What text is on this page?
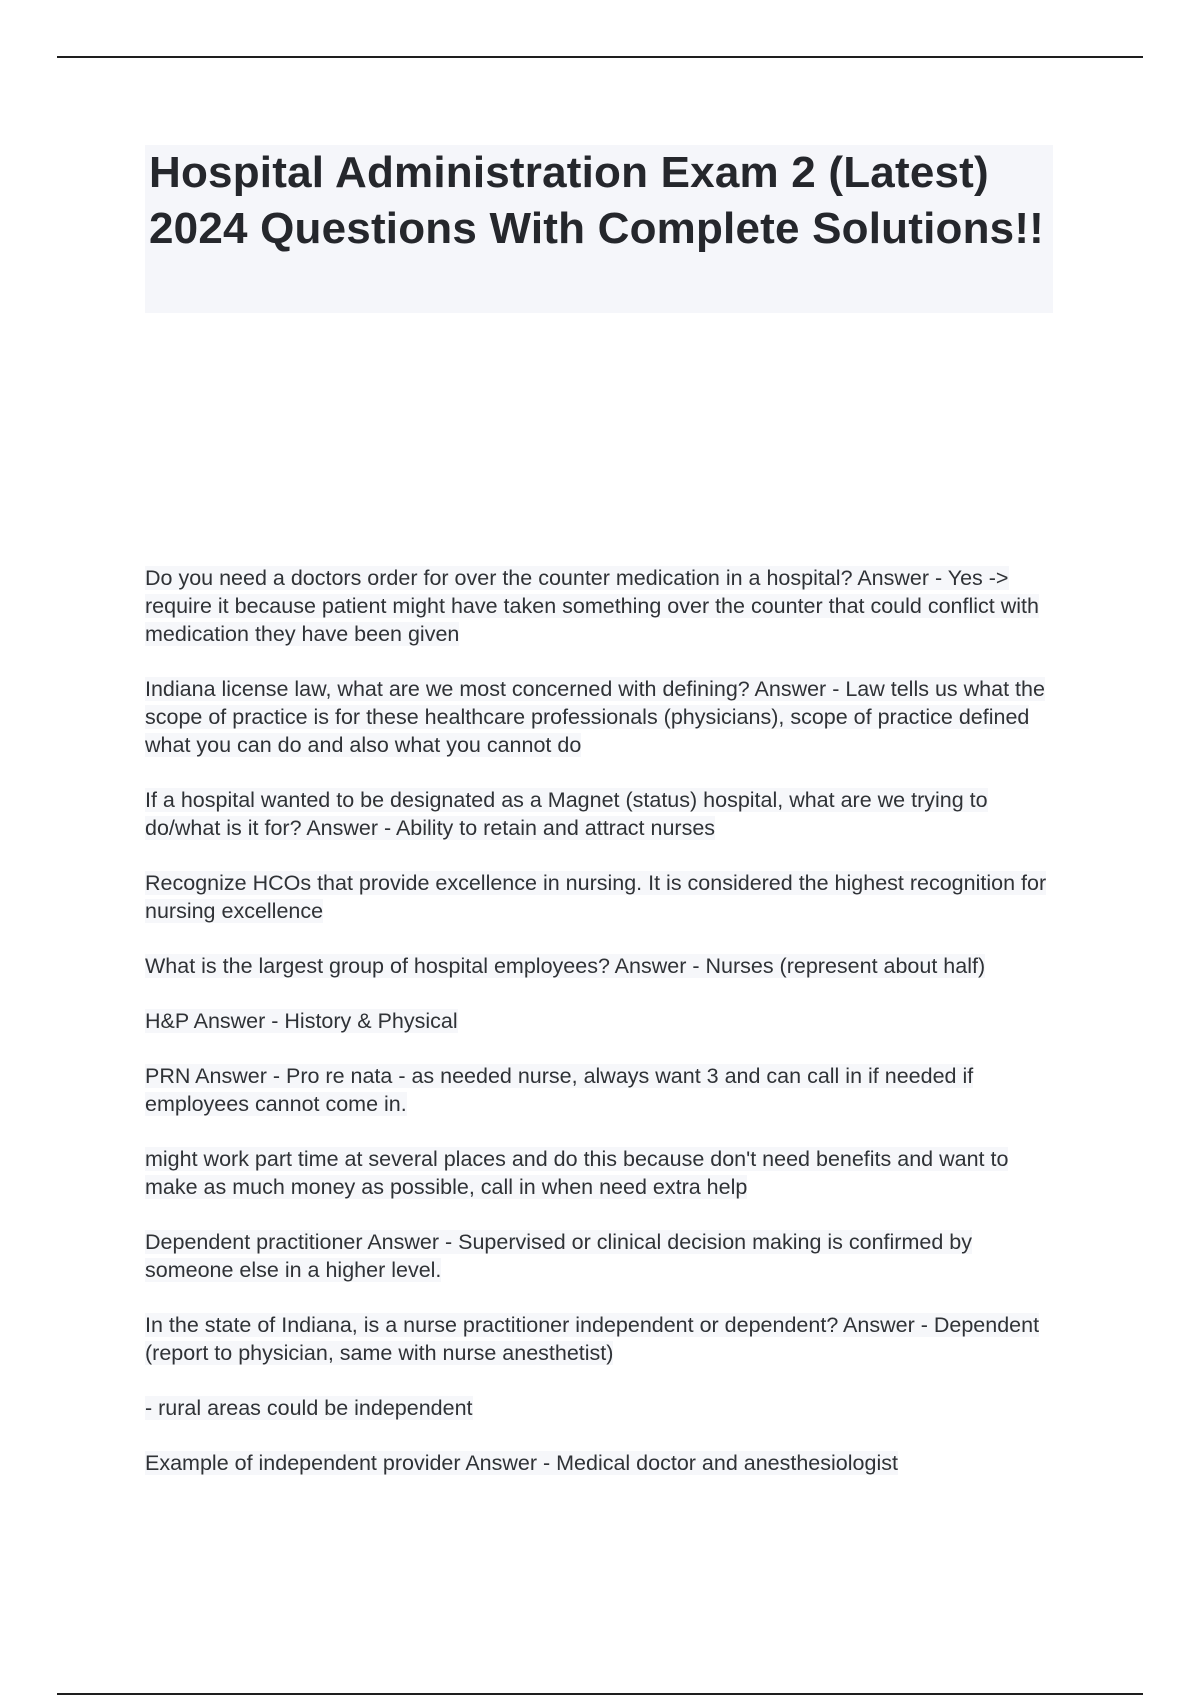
Hospital Administration Exam 2 (Latest) 2024 Questions With Complete Solutions!!
Do you need a doctors order for over the counter medication in a hospital? Answer - Yes -> require it because patient might have taken something over the counter that could conflict with medication they have been given
Indiana license law, what are we most concerned with defining? Answer - Law tells us what the scope of practice is for these healthcare professionals (physicians), scope of practice defined what you can do and also what you cannot do
If a hospital wanted to be designated as a Magnet (status) hospital, what are we trying to do/what is it for? Answer - Ability to retain and attract nurses
Recognize HCOs that provide excellence in nursing. It is considered the highest recognition for nursing excellence
What is the largest group of hospital employees? Answer - Nurses (represent about half)
H&P Answer - History & Physical
PRN Answer - Pro re nata - as needed nurse, always want 3 and can call in if needed if employees cannot come in.
might work part time at several places and do this because don't need benefits and want to make as much money as possible, call in when need extra help
Dependent practitioner Answer - Supervised or clinical decision making is confirmed by someone else in a higher level.
In the state of Indiana, is a nurse practitioner independent or dependent? Answer - Dependent (report to physician, same with nurse anesthetist)
- rural areas could be independent
Example of independent provider Answer - Medical doctor and anesthesiologist
